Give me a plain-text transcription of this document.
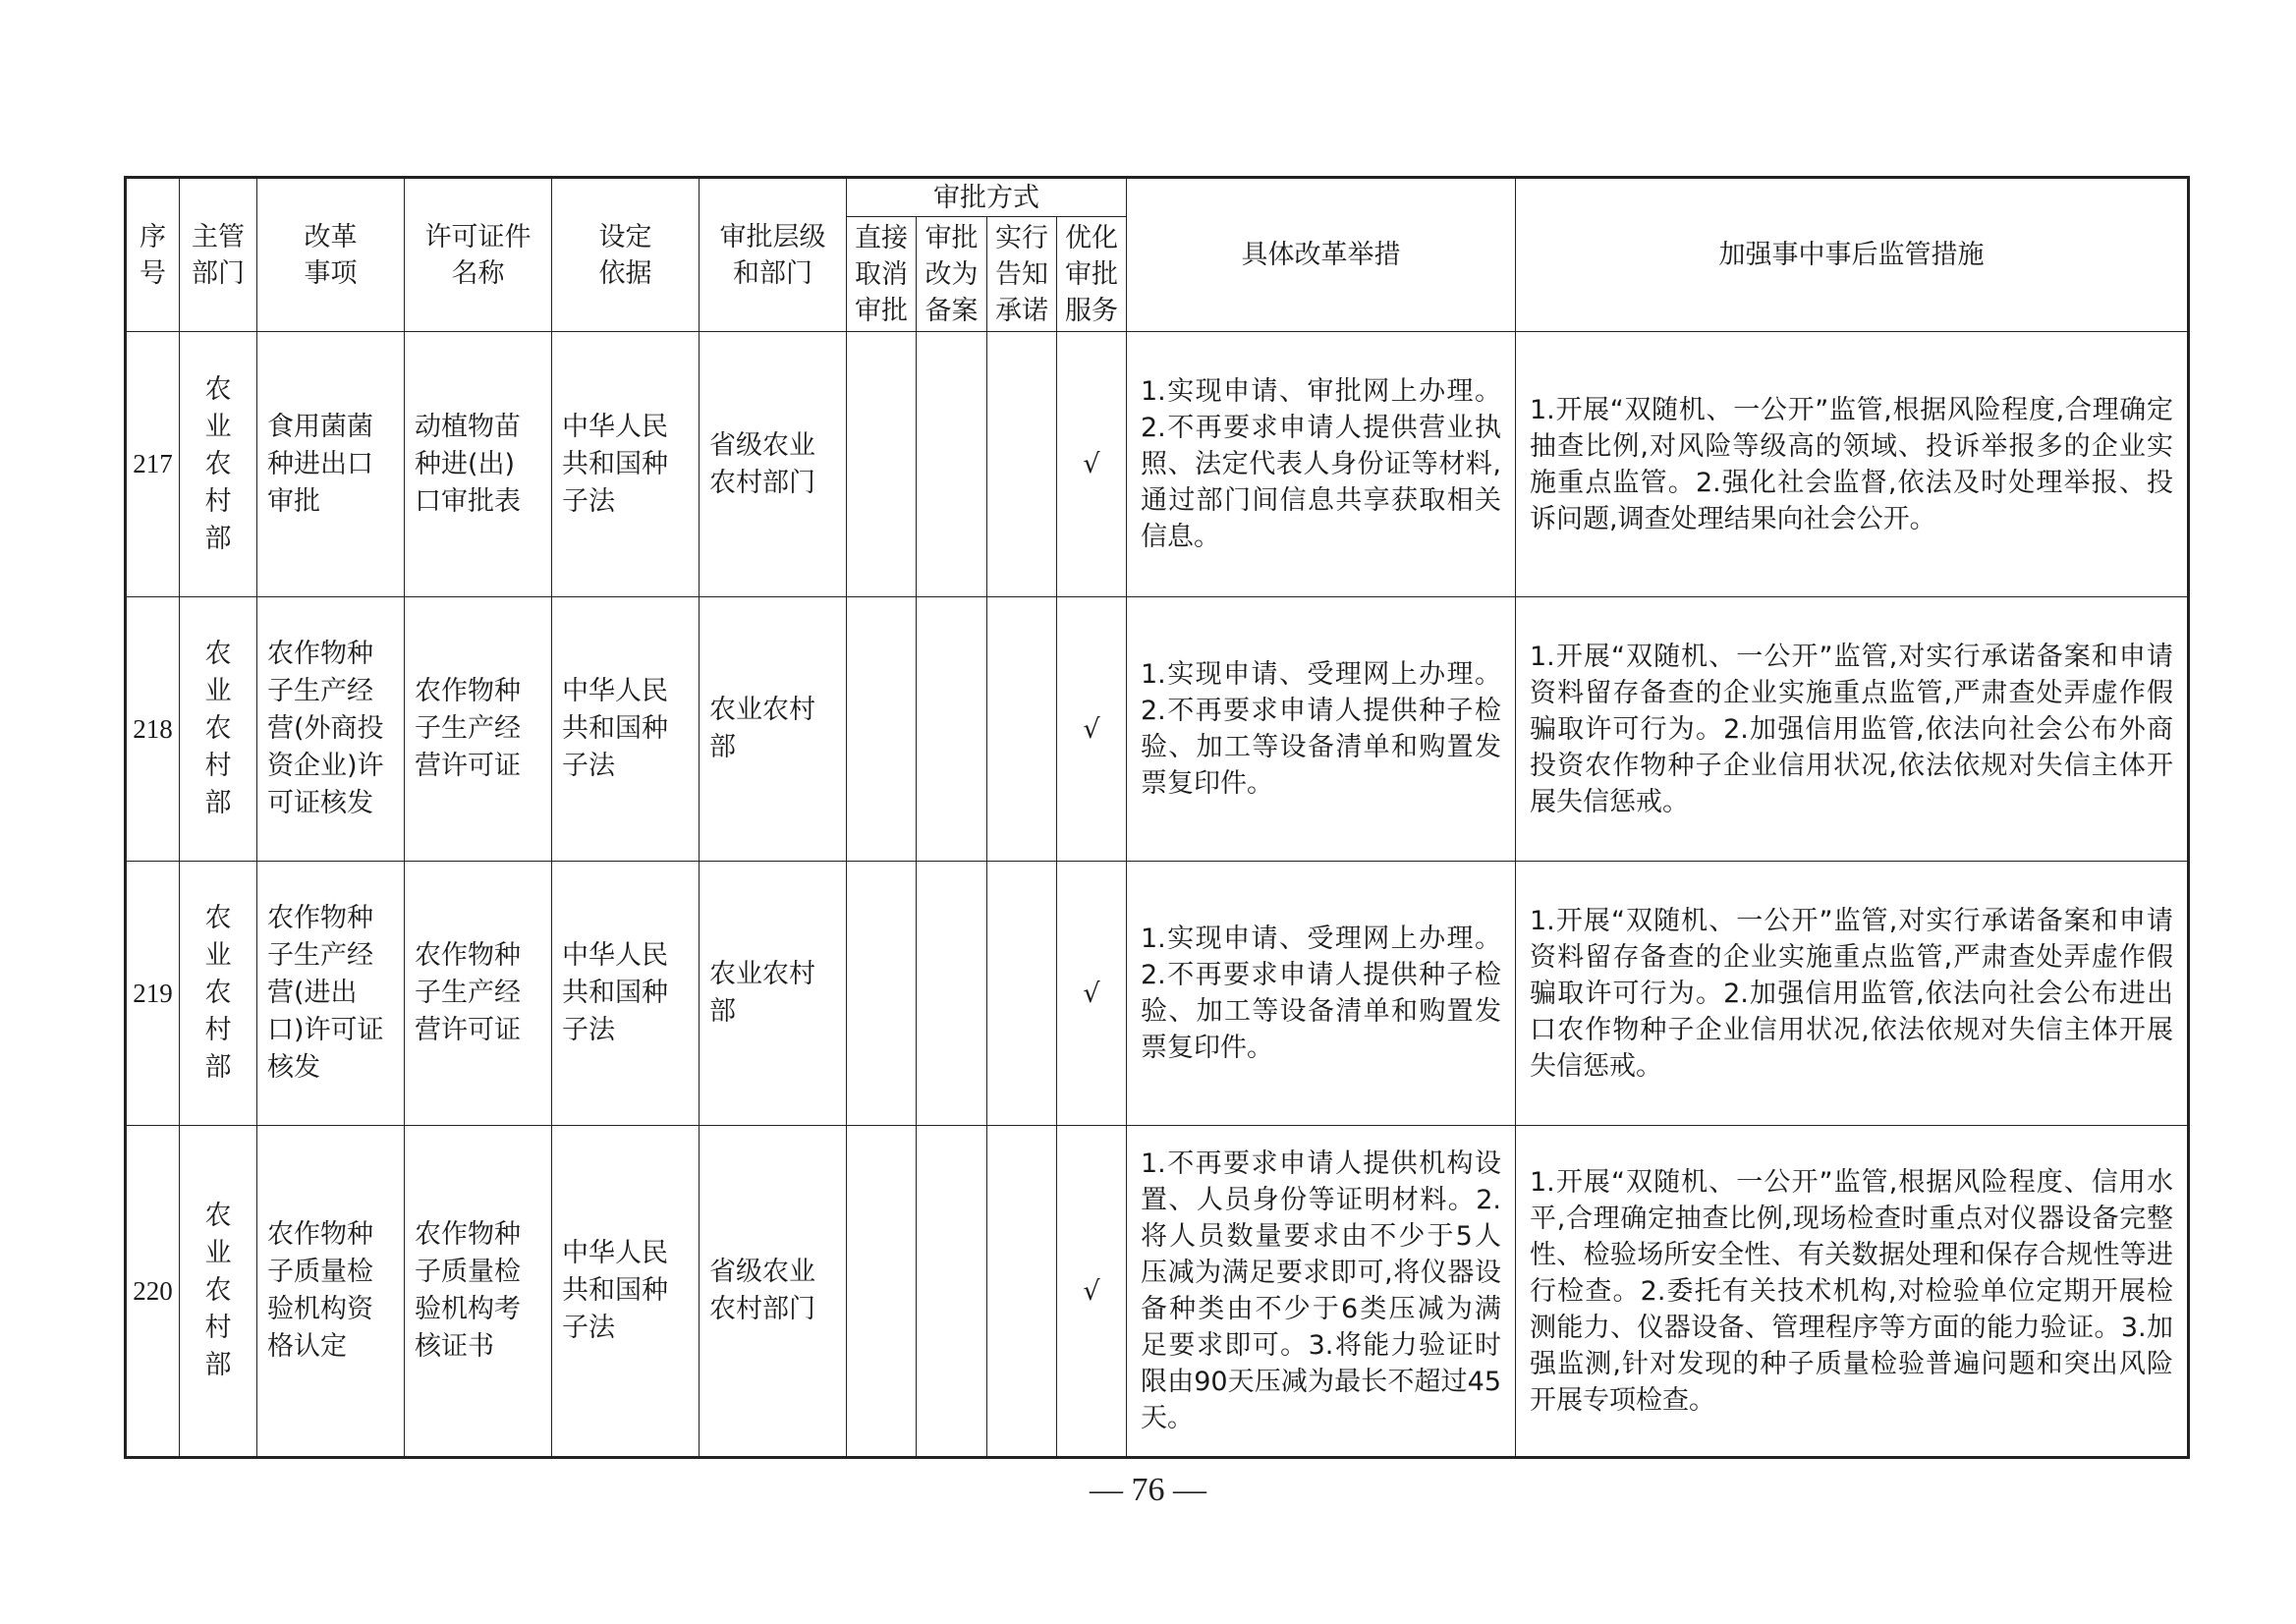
序号	主管部门	改革事项	许可证件名称	设定依据	审批层级和部门	审批方式				具体改革举措	加强事中事后监管措施
						直接取消审批	审批改为备案	实行告知承诺	优化审批服务		
217	农业农村部	食用菌菌种进出口审批	动植物苗种进(出)口审批表	中华人民共和国种子法	省级农业农村部门				√	1.实现申请、审批网上办理。2.不再要求申请人提供营业执照、法定代表人身份证等材料,通过部门间信息共享获取相关信息。	1.开展“双随机、一公开”监管,根据风险程度,合理确定抽查比例,对风险等级高的领域、投诉举报多的企业实施重点监管。2.强化社会监督,依法及时处理举报、投诉问题,调查处理结果向社会公开。
218	农业农村部	农作物种子生产经营(外商投资企业)许可证核发	农作物种子生产经营许可证	中华人民共和国种子法	农业农村部				√	1.实现申请、受理网上办理。2.不再要求申请人提供种子检验、加工等设备清单和购置发票复印件。	1.开展“双随机、一公开”监管,对实行承诺备案和申请资料留存备查的企业实施重点监管,严肃查处弄虚作假骗取许可行为。2.加强信用监管,依法向社会公布外商投资农作物种子企业信用状况,依法依规对失信主体开展失信惩戒。
219	农业农村部	农作物种子生产经营(进出口)许可证核发	农作物种子生产经营许可证	中华人民共和国种子法	农业农村部				√	1.实现申请、受理网上办理。2.不再要求申请人提供种子检验、加工等设备清单和购置发票复印件。	1.开展“双随机、一公开”监管,对实行承诺备案和申请资料留存备查的企业实施重点监管,严肃查处弄虚作假骗取许可行为。2.加强信用监管,依法向社会公布进出口农作物种子企业信用状况,依法依规对失信主体开展失信惩戒。
220	农业农村部	农作物种子质量检验机构资格认定	农作物种子质量检验机构考核证书	中华人民共和国种子法	省级农业农村部门				√	1.不再要求申请人提供机构设置、人员身份等证明材料。2.将人员数量要求由不少于5人压减为满足要求即可,将仪器设备种类由不少于6类压减为满足要求即可。3.将能力验证时限由90天压减为最长不超过45天。	1.开展“双随机、一公开”监管,根据风险程度、信用水平,合理确定抽查比例,现场检查时重点对仪器设备完整性、检验场所安全性、有关数据处理和保存合规性等进行检查。2.委托有关技术机构,对检验单位定期开展检测能力、仪器设备、管理程序等方面的能力验证。3.加强监测,针对发现的种子质量检验普遍问题和突出风险开展专项检查。
— 76 —
